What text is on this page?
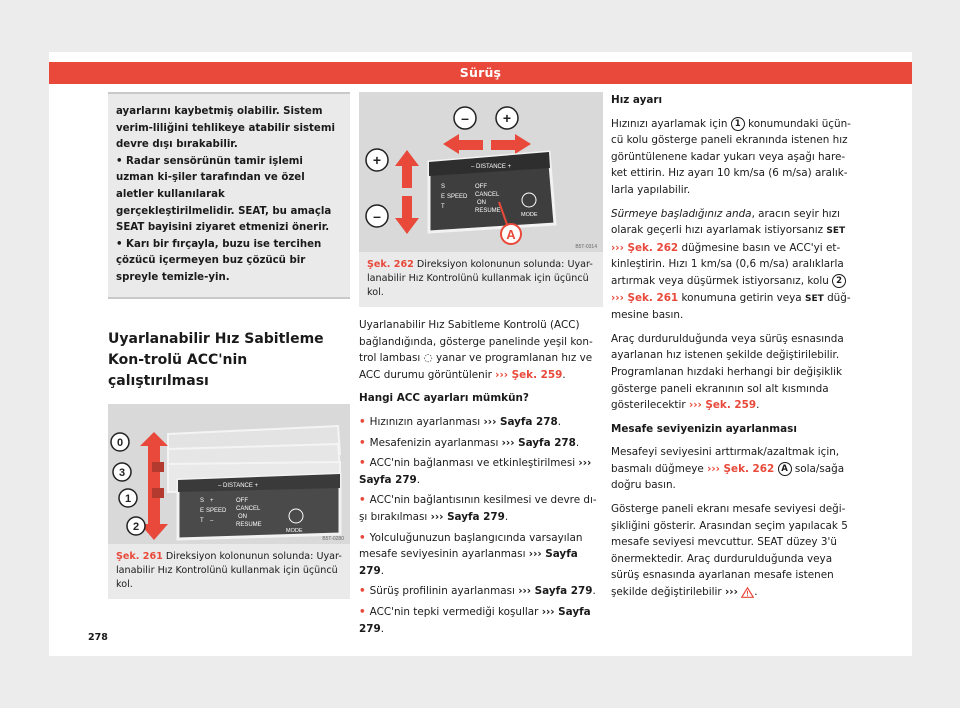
Sürüş

ayarlarını kaybetmiş olabilir. Sistem verim-liliğini tehlikeye atabilir sistemi devre dışı bırakabilir.

• Radar sensörünün tamir işlemi uzman ki-şiler tarafından ve özel aletler kullanılarak gerçekleştirilmelidir. SEAT, bu amaçla SEAT bayisini ziyaret etmenizi önerir.

• Karı bir fırçayla, buzu ise tercihen çözücü içermeyen buz çözücü bir spreyle temizle-yin.

Uyarlanabilir Hız Sabitleme Kon-trolü ACC'nin çalıştırılması
0
3
1
2
– DISTANCE +
S +
E
T –
SPEED
OFF
CANCEL
ON
RESUME
MODE
B5T-0280
Şek. 261 Direksiyon kolonunun solunda: Uyar-lanabilir Hız Kontrolünü kullanmak için üçüncü kol.
– +
+
–
– DISTANCE +
S
E SPEED
T
OFF
CANCEL
ON
RESUME
MODE
A
B5T-0314
Şek. 262 Direksiyon kolonunun solunda: Uyar-lanabilir Hız Kontrolünü kullanmak için üçüncü kol.

Uyarlanabilir Hız Sabitleme Kontrolü (ACC) bağlandığında, gösterge panelinde yeşil kon-trol lambası ◌ yanar ve programlanan hız ve ACC durumu görüntülenir ››› Şek. 259.

Hangi ACC ayarları mümkün?

• Hızınızın ayarlanması ››› Sayfa 278.
• Mesafenizin ayarlanması ››› Sayfa 278.
• ACC'nin bağlanması ve etkinleştirilmesi ››› Sayfa 279.
• ACC'nin bağlantısının kesilmesi ve devre dı-şı bırakılması ››› Sayfa 279.
• Yolculuğunuzun başlangıcında varsayılan mesafe seviyesinin ayarlanması ››› Sayfa 279.
• Sürüş profilinin ayarlanması ››› Sayfa 279.
• ACC'nin tepki vermediği koşullar ››› Sayfa 279.

Hız ayarı

Hızınızı ayarlamak için 1 konumundaki üçün-cü kolu gösterge paneli ekranında istenen hız görüntülenene kadar yukarı veya aşağı hare-ket ettirin. Hız ayarı 10 km/sa (6 m/sa) aralık-larla yapılabilir.

Sürmeye başladığınız anda, aracın seyir hızı olarak geçerli hızı ayarlamak istiyorsanız SET ››› Şek. 262 düğmesine basın ve ACC'yi et-kinleştirin. Hızı 1 km/sa (0,6 m/sa) aralıklarla artırmak veya düşürmek istiyorsanız, kolu 2 ››› Şek. 261 konumuna getirin veya SET düğ-mesine basın.

Araç durdurulduğunda veya sürüş esnasında ayarlanan hız istenen şekilde değiştirilebilir. Programlanan hızdaki herhangi bir değişiklik gösterge paneli ekranının sol alt kısmında gösterilecektir ››› Şek. 259.

Mesafe seviyenizin ayarlanması

Mesafeyi seviyesini arttırmak/azaltmak için, basmalı düğmeye ››› Şek. 262 A sola/sağa doğru basın.

Gösterge paneli ekranı mesafe seviyesi deği-şikliğini gösterir. Arasından seçim yapılacak 5 mesafe seviyesi mevcuttur. SEAT düzey 3'ü önermektedir. Araç durdurulduğunda veya sürüş esnasında ayarlanan mesafe istenen şekilde değiştirilebilir ››› .

278
